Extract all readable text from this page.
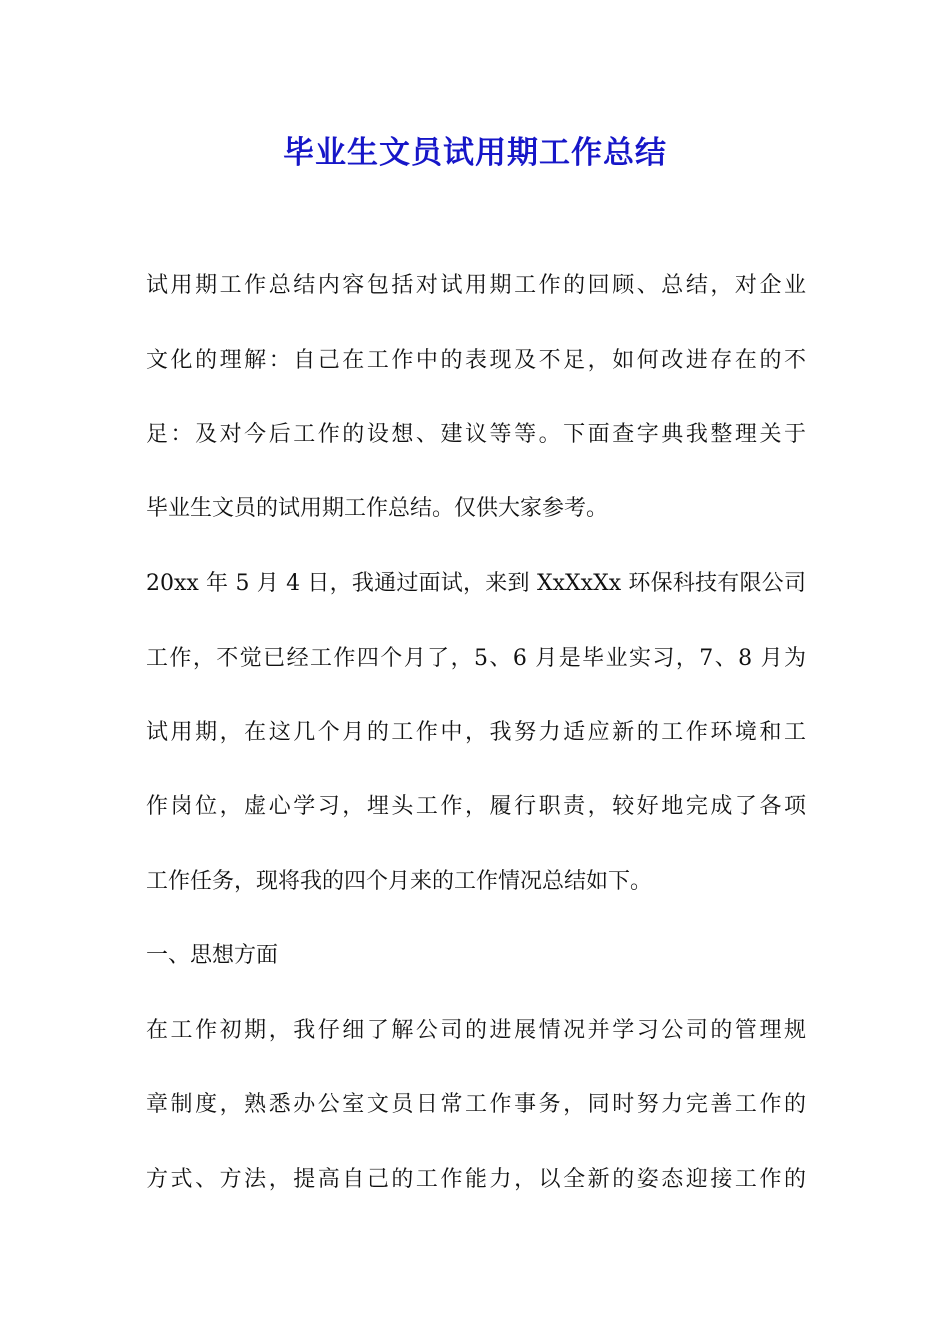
毕业生文员试用期工作总结

试用期工作总结内容包括对试用期工作的回顾、总结，对企业

文化的理解：自己在工作中的表现及不足，如何改进存在的不

足：及对今后工作的设想、建议等等。下面查字典我整理关于

毕业生文员的试用期工作总结。仅供大家参考。

20xx 年 5 月 4 日，我通过面试，来到 XxXxXx 环保科技有限公司

工作，不觉已经工作四个月了，5、6 月是毕业实习，7、8 月为

试用期，在这几个月的工作中，我努力适应新的工作环境和工

作岗位，虚心学习，埋头工作，履行职责，较好地完成了各项

工作任务，现将我的四个月来的工作情况总结如下。

一、思想方面

在工作初期，我仔细了解公司的进展情况并学习公司的管理规

章制度，熟悉办公室文员日常工作事务，同时努力完善工作的

方式、方法，提高自己的工作能力，以全新的姿态迎接工作的
